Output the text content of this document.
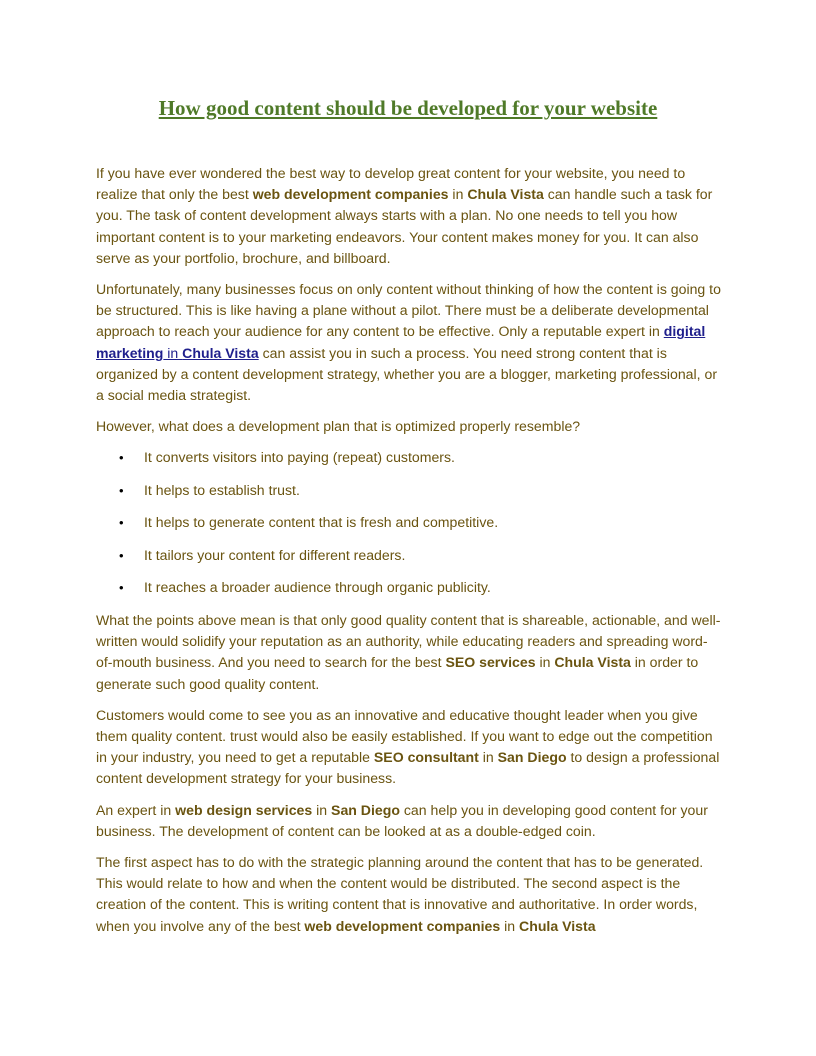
How good content should be developed for your website

If you have ever wondered the best way to develop great content for your website, you need to realize that only the best web development companies in Chula Vista can handle such a task for you. The task of content development always starts with a plan. No one needs to tell you how important content is to your marketing endeavors. Your content makes money for you. It can also serve as your portfolio, brochure, and billboard.

Unfortunately, many businesses focus on only content without thinking of how the content is going to be structured. This is like having a plane without a pilot. There must be a deliberate developmental approach to reach your audience for any content to be effective. Only a reputable expert in digital marketing in Chula Vista can assist you in such a process. You need strong content that is organized by a content development strategy, whether you are a blogger, marketing professional, or a social media strategist.

However, what does a development plan that is optimized properly resemble?

• It converts visitors into paying (repeat) customers.
• It helps to establish trust.
• It helps to generate content that is fresh and competitive.
• It tailors your content for different readers.
• It reaches a broader audience through organic publicity.

What the points above mean is that only good quality content that is shareable, actionable, and well-written would solidify your reputation as an authority, while educating readers and spreading word-of-mouth business. And you need to search for the best SEO services in Chula Vista in order to generate such good quality content.

Customers would come to see you as an innovative and educative thought leader when you give them quality content. trust would also be easily established. If you want to edge out the competition in your industry, you need to get a reputable SEO consultant in San Diego to design a professional content development strategy for your business.

An expert in web design services in San Diego can help you in developing good content for your business. The development of content can be looked at as a double-edged coin.

The first aspect has to do with the strategic planning around the content that has to be generated. This would relate to how and when the content would be distributed. The second aspect is the creation of the content. This is writing content that is innovative and authoritative. In order words, when you involve any of the best web development companies in Chula Vista
